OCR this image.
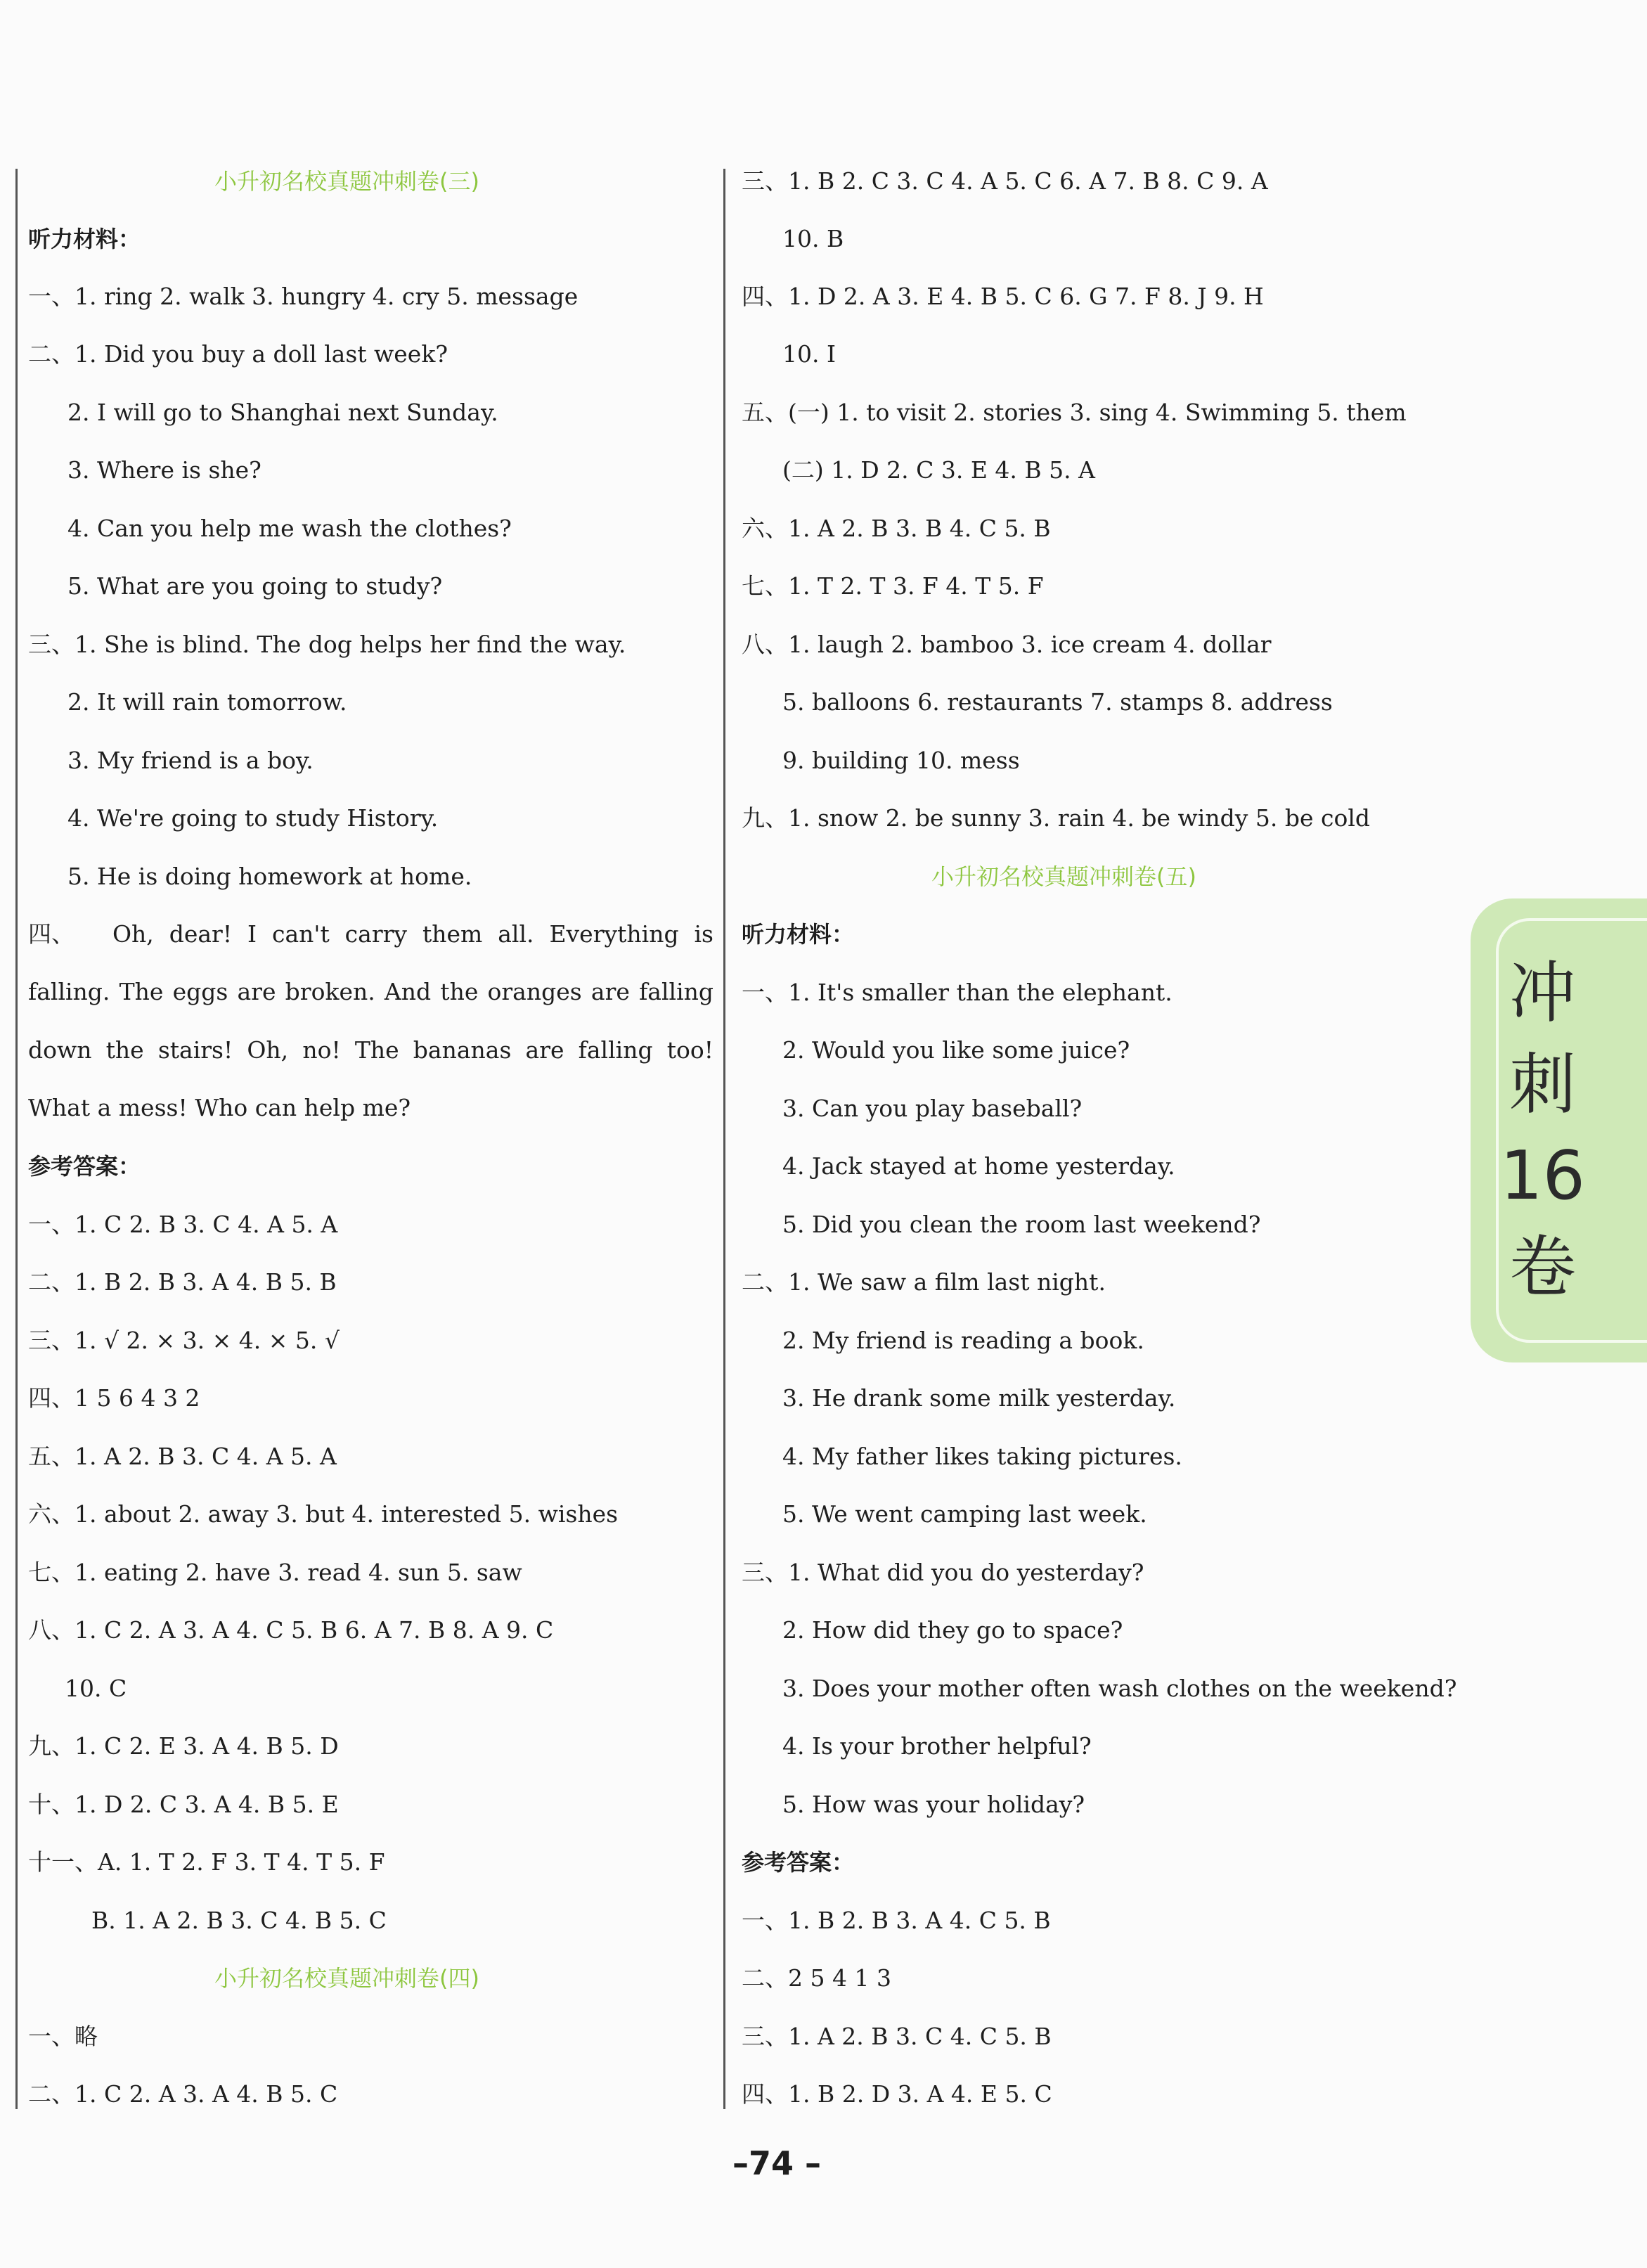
小升初名校真题冲刺卷(三)
听力材料：
一、1. ring 2. walk 3. hungry 4. cry 5. message
二、1. Did you buy a doll last week?
2. I will go to Shanghai next Sunday.
3. Where is she?
4. Can you help me wash the clothes?
5. What are you going to study?
三、1. She is blind. The dog helps her find the way.
2. It will rain tomorrow.
3. My friend is a boy.
4. We're going to study History.
5. He is doing homework at home.
四、 Oh, dear! I can't carry them all. Everything is falling. The eggs are broken. And the oranges are falling down the stairs! Oh, no! The bananas are falling too! What a mess! Who can help me?
参考答案：
一、1. C 2. B 3. C 4. A 5. A
二、1. B 2. B 3. A 4. B 5. B
三、1. √ 2. × 3. × 4. × 5. √
四、1 5 6 4 3 2
五、1. A 2. B 3. C 4. A 5. A
六、1. about 2. away 3. but 4. interested 5. wishes
七、1. eating 2. have 3. read 4. sun 5. saw
八、1. C 2. A 3. A 4. C 5. B 6. A 7. B 8. A 9. C
10. C
九、1. C 2. E 3. A 4. B 5. D
十、1. D 2. C 3. A 4. B 5. E
十一、A. 1. T 2. F 3. T 4. T 5. F
B. 1. A 2. B 3. C 4. B 5. C
小升初名校真题冲刺卷(四)
一、略
二、1. C 2. A 3. A 4. B 5. C
三、1. B 2. C 3. C 4. A 5. C 6. A 7. B 8. C 9. A
10. B
四、1. D 2. A 3. E 4. B 5. C 6. G 7. F 8. J 9. H
10. I
五、(一) 1. to visit 2. stories 3. sing 4. Swimming 5. them
(二) 1. D 2. C 3. E 4. B 5. A
六、1. A 2. B 3. B 4. C 5. B
七、1. T 2. T 3. F 4. T 5. F
八、1. laugh 2. bamboo 3. ice cream 4. dollar
5. balloons 6. restaurants 7. stamps 8. address
9. building 10. mess
九、1. snow 2. be sunny 3. rain 4. be windy 5. be cold
小升初名校真题冲刺卷(五)
听力材料：
一、1. It's smaller than the elephant.
2. Would you like some juice?
3. Can you play baseball?
4. Jack stayed at home yesterday.
5. Did you clean the room last weekend?
二、1. We saw a film last night.
2. My friend is reading a book.
3. He drank some milk yesterday.
4. My father likes taking pictures.
5. We went camping last week.
三、1. What did you do yesterday?
2. How did they go to space?
3. Does your mother often wash clothes on the weekend?
4. Is your brother helpful?
5. How was your holiday?
参考答案：
一、1. B 2. B 3. A 4. C 5. B
二、2 5 4 1 3
三、1. A 2. B 3. C 4. C 5. B
四、1. B 2. D 3. A 4. E 5. C
冲
刺
16
卷
–74 –
